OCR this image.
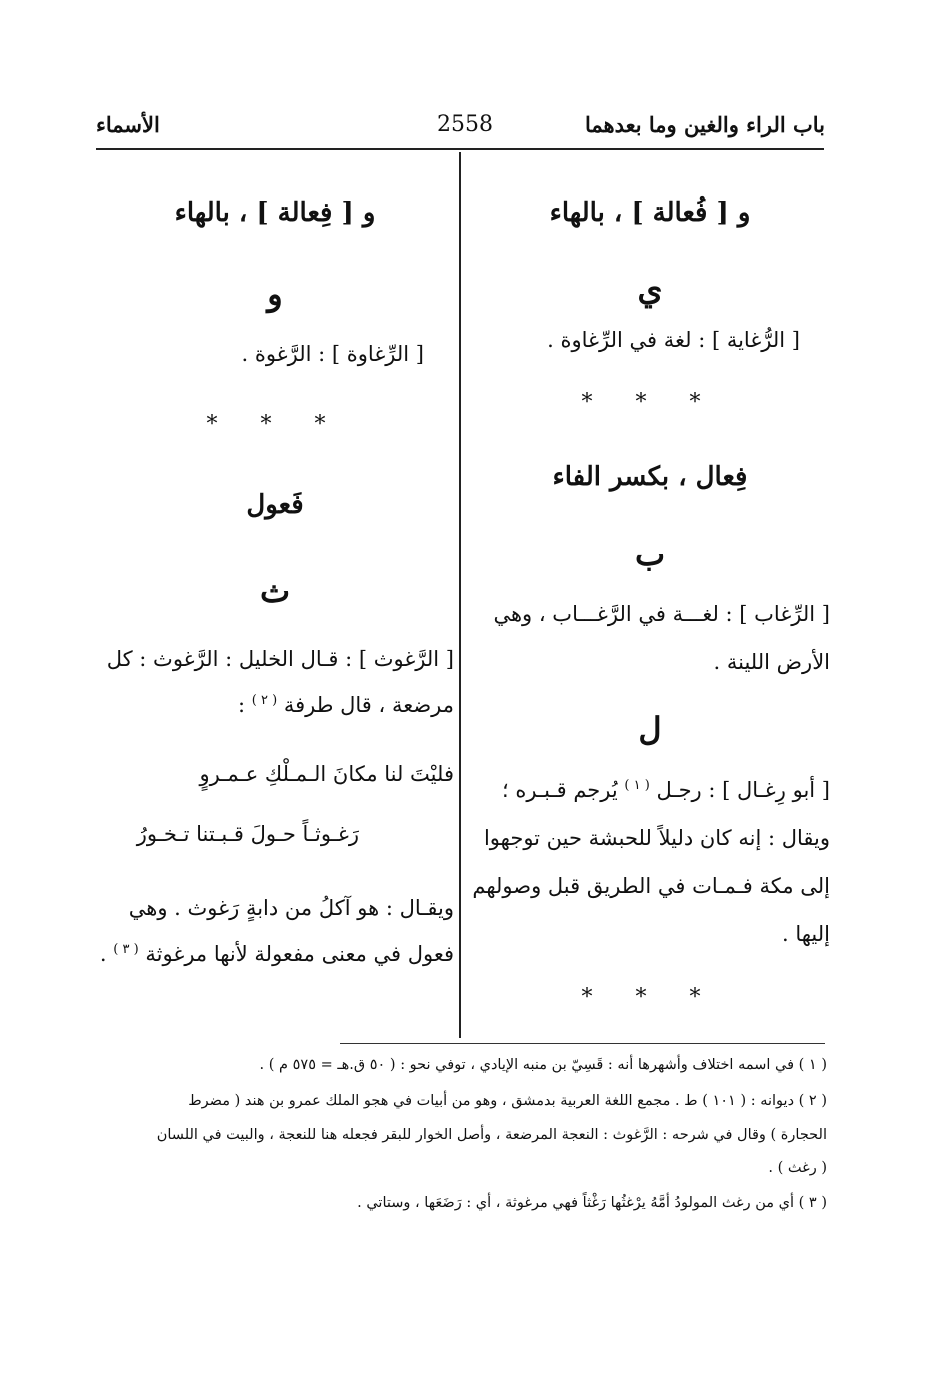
باب الراء والغين وما بعدهما
2558
الأسماء
و [ فُعالة ] ، بالهاء
ي
[ الرُّغاية ] : لغة في الرِّغاوة .
* * *
فِعال ، بكسر الفاء
ب
[ الرِّغاب ] : لغـــة في الرَّغـــاب ، وهي
الأرض اللينة .
ل
[ أبو رِغـال ] : رجـل $^{( ١ )}$ يُرجم قـبـره ؛
ويقال : إنه كان دليلاً للحبشة حين توجهوا
إلى مكة فـمـات في الطريق قبل وصولهم
إليها .
* * *
و [ فِعالة ] ، بالهاء
و
[ الرِّغاوة ] : الرَّغوة .
* * *
فَعول
ث
[ الرَّغوث ] : قـال الخليل : الرَّغوث : كل
مرضعة ، قال طرفة $^{( ٢ )}$ :
فليْتَ لنا مكانَ الـمـلْكِ عـمـروٍ
رَغـوثـاً حـولَ قـبـتنا تـخـورُ
ويقـال : هو آكلُ من دابةٍ رَغوث . وهي
فعول في معنى مفعولة لأنها مرغوثة $^{( ٣ )}$ .
( ١ ) في اسمه اختلاف وأشهرها أنه : قَسِيّ بن منبه الإيادي ، توفي نحو : ( ٥٠ ق.هـ = ٥٧٥ م ) .
( ٢ ) ديوانه : ( ١٠١ ) ط . مجمع اللغة العربية بدمشق ، وهو من أبيات في هجو الملك عمرو بن هند ( مضرط
الحجارة ) وقال في شرحه : الرَّغوث : النعجة المرضعة ، وأصل الخوار للبقر فجعله هنا للنعجة ، والبيت في اللسان
( رغث ) .
( ٣ ) أي من رغث المولودُ أمَّهُ يرْغثُها رَغْثاً فهي مرغوثة ، أي : رَضَعَها ، وستاتي .
